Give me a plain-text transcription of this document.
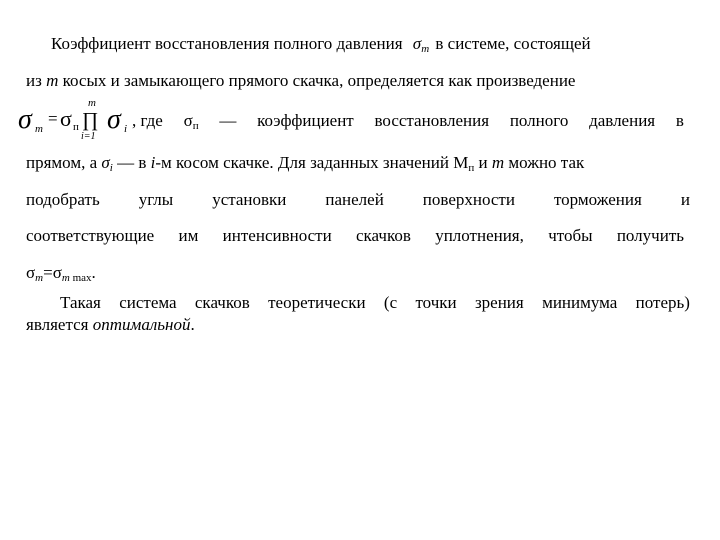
Коэффициент восстановления полного давления $\sigma_m$ в системе, состоящей
из m косых и замыкающего прямого скачка, определяется как произведение
σ m
= σ п
m
∏
i=1
σ i , где $\sigma_п$ — коэффициент восстановления полного давления в
прямом, а $\sigma_i$ — в i-м косом скачке. Для заданных значений $M_п$ и m можно так
подобрать углы установки панелей поверхности торможения и
соответствующие им интенсивности скачков уплотнения, чтобы получить
$\sigma_m=\sigma_m$ $_{max}$.
Такая система скачков теоретически (с точки зрения минимума потерь)
является оптимальной.
